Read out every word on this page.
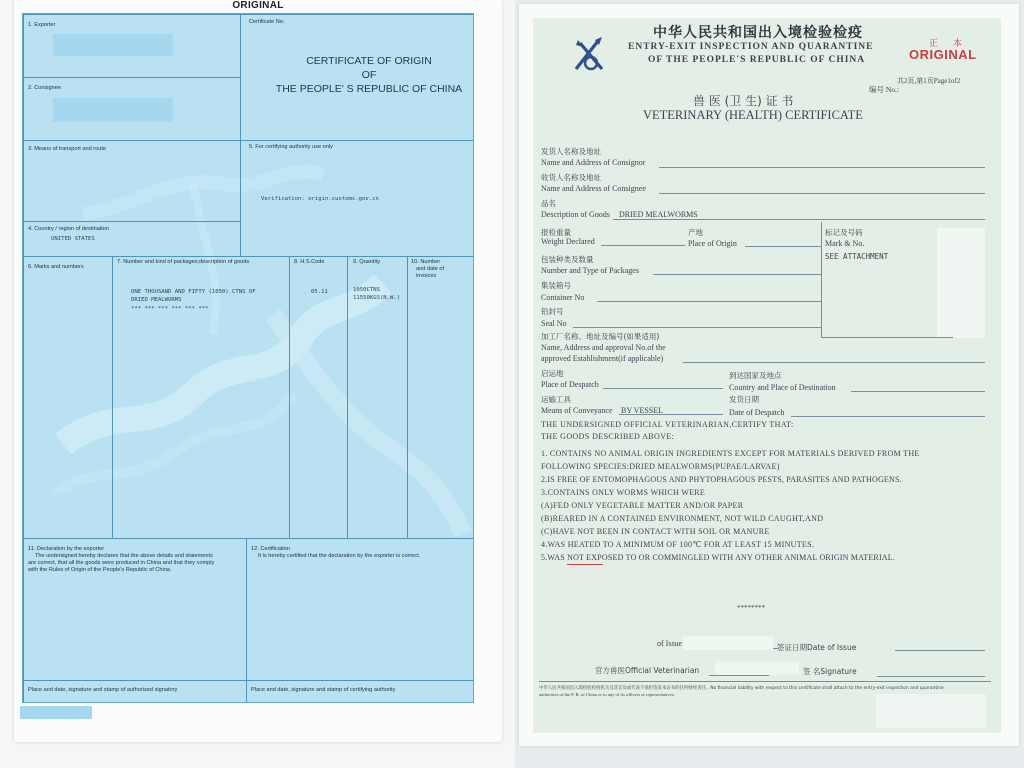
ORIGINAL
1. Exporter	Certificate No.
CERTIFICATE OF ORIGIN
OF
THE PEOPLE' S REPUBLIC OF CHINA
2. Consignee
3. Means of transport and route
4. Country / region of destination
UNITED STATES
5. For certifying authority use only
Verification: origin.customs.gov.cn
6. Marks and numbers
7. Number and kind of packages;description of goods
ONE THOUSAND AND FIFTY (1050) CTNS OF
DRIED MEALWORMS
*** *** *** *** *** ***
8. H.S.Code
05.11
9. Quantity
1050CTNS
11550KGS(N.W.)
10. Number
and date of
invoices
11. Declaration by the exporter
The undersigned hereby declares that the above details and statements
are correct, that all the goods were produced in China and that they comply
with the Rules of Origin of the People's Republic of China.
12. Certification
It is hereby certified that the declaration by the exporter is correct.
Place and date, signature and stamp of authorized signatory	Place and date, signature and stamp of certifying authority
中华人民共和国出入境检验检疫
ENTRY-EXIT INSPECTION AND QUARANTINE
OF THE PEOPLE'S REPUBLIC OF CHINA
正 本
ORIGINAL
编号 No.:
共2页,第1页Page1of2
兽 医 (卫 生) 证 书
VETERINARY (HEALTH) CERTIFICATE
发货人名称及地址
Name and Address of Consignor
收货人名称及地址
Name and Address of Consignee
品名
Description of Goods DRIED MEALWORMS
报检重量
Weight Declared
产地
Place of Origin
标记及号码
Mark & No.
SEE ATTACHMENT
包装种类及数量
Number and Type of Packages
集装箱号
Container No
铅封号
Seal No
加工厂名称、地址及编号(如果适用)
Name, Address and approval No.of the
approved Establishment(if applicable)
启运地
Place of Despatch
到达国家及地点
Country and Place of Destination
运输工具
Means of Conveyance BY VESSEL
发货日期
Date of Despatch
THE UNDERSIGNED OFFICIAL VETERINARIAN,CERTIFY THAT:
THE GOODS DESCRIBED ABOVE:
1. CONTAINS NO ANIMAL ORIGIN INGREDIENTS EXCEPT FOR MATERIALS DERIVED FROM THE
FOLLOWING SPECIES:DRIED MEALWORMS(PUPAE/LARVAE)
2.IS FREE OF ENTOMOPHAGOUS AND PHYTOPHAGOUS PESTS, PARASITES AND PATHOGENS.
3.CONTAINS ONLY WORMS WHICH WERE
(A)FED ONLY VEGETABLE MATTER AND/OR PAPER
(B)REARED IN A CONTAINED ENVIRONMENT, NOT WILD CAUGHT,AND
(C)HAVE NOT BEEN IN CONTACT WITH SOIL OR MANURE
4.WAS HEATED TO A MINIMUM OF 100℃ FOR AT LEAST 15 MINUTES.
5.WAS NOT EXPOSED TO OR COMMINGLED WITH ANY OTHER ANIMAL ORIGIN MATERIAL.
********
of Issue	签证日期Date of Issue
官方兽医Official Veterinarian	签 名Signature
中华人民共和国出入境检验检疫机关及其官员或代表不承担签发本证书的任何财经责任。No financial liability with respect to this certificate shall attach to the entry-exit inspection and quarantine
authorities of the P. R. of China or to any of its officers or representatives.
